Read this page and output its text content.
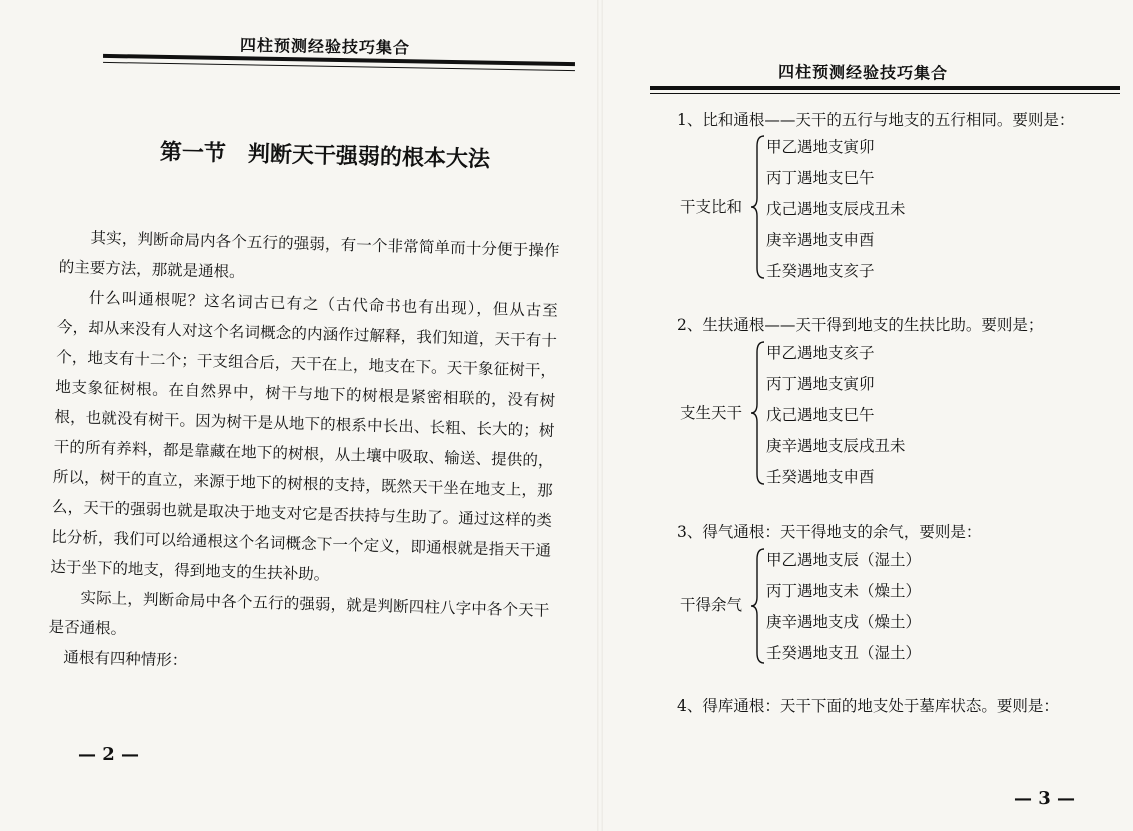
四柱预测经验技巧集合
第一节　判断天干强弱的根本大法

其实，判断命局内各个五行的强弱，有一个非常简单而十分便于操作的主要方法，那就是通根。

什么叫通根呢？这名词古已有之（古代命书也有出现），但从古至今，却从来没有人对这个名词概念的内涵作过解释，我们知道，天干有十个，地支有十二个；干支组合后，天干在上，地支在下。天干象征树干，地支象征树根。在自然界中，树干与地下的树根是紧密相联的，没有树根，也就没有树干。因为树干是从地下的根系中长出、长粗、长大的；树干的所有养料，都是靠藏在地下的树根，从土壤中吸取、输送、提供的，所以，树干的直立，来源于地下的树根的支持，既然天干坐在地支上，那么，天干的强弱也就是取决于地支对它是否扶持与生助了。通过这样的类比分析，我们可以给通根这个名词概念下一个定义，即通根就是指天干通达于坐下的地支，得到地支的生扶补助。

实际上，判断命局中各个五行的强弱，就是判断四柱八字中各个天干是否通根。

通根有四种情形：

— 2 —
四柱预测经验技巧集合
1、比和通根——天干的五行与地支的五行相同。要则是：
干支比和
甲乙遇地支寅卯
丙丁遇地支巳午
戊己遇地支辰戌丑未
庚辛遇地支申酉
壬癸遇地支亥子
2、生扶通根——天干得到地支的生扶比助。要则是；
支生天干
甲乙遇地支亥子
丙丁遇地支寅卯
戊己遇地支巳午
庚辛遇地支辰戌丑未
壬癸遇地支申酉
3、得气通根：天干得地支的余气，要则是：
干得余气
甲乙遇地支辰（湿土）
丙丁遇地支未（燥土）
庚辛遇地支戌（燥土）
壬癸遇地支丑（湿土）
4、得库通根：天干下面的地支处于墓库状态。要则是：
— 3 —
